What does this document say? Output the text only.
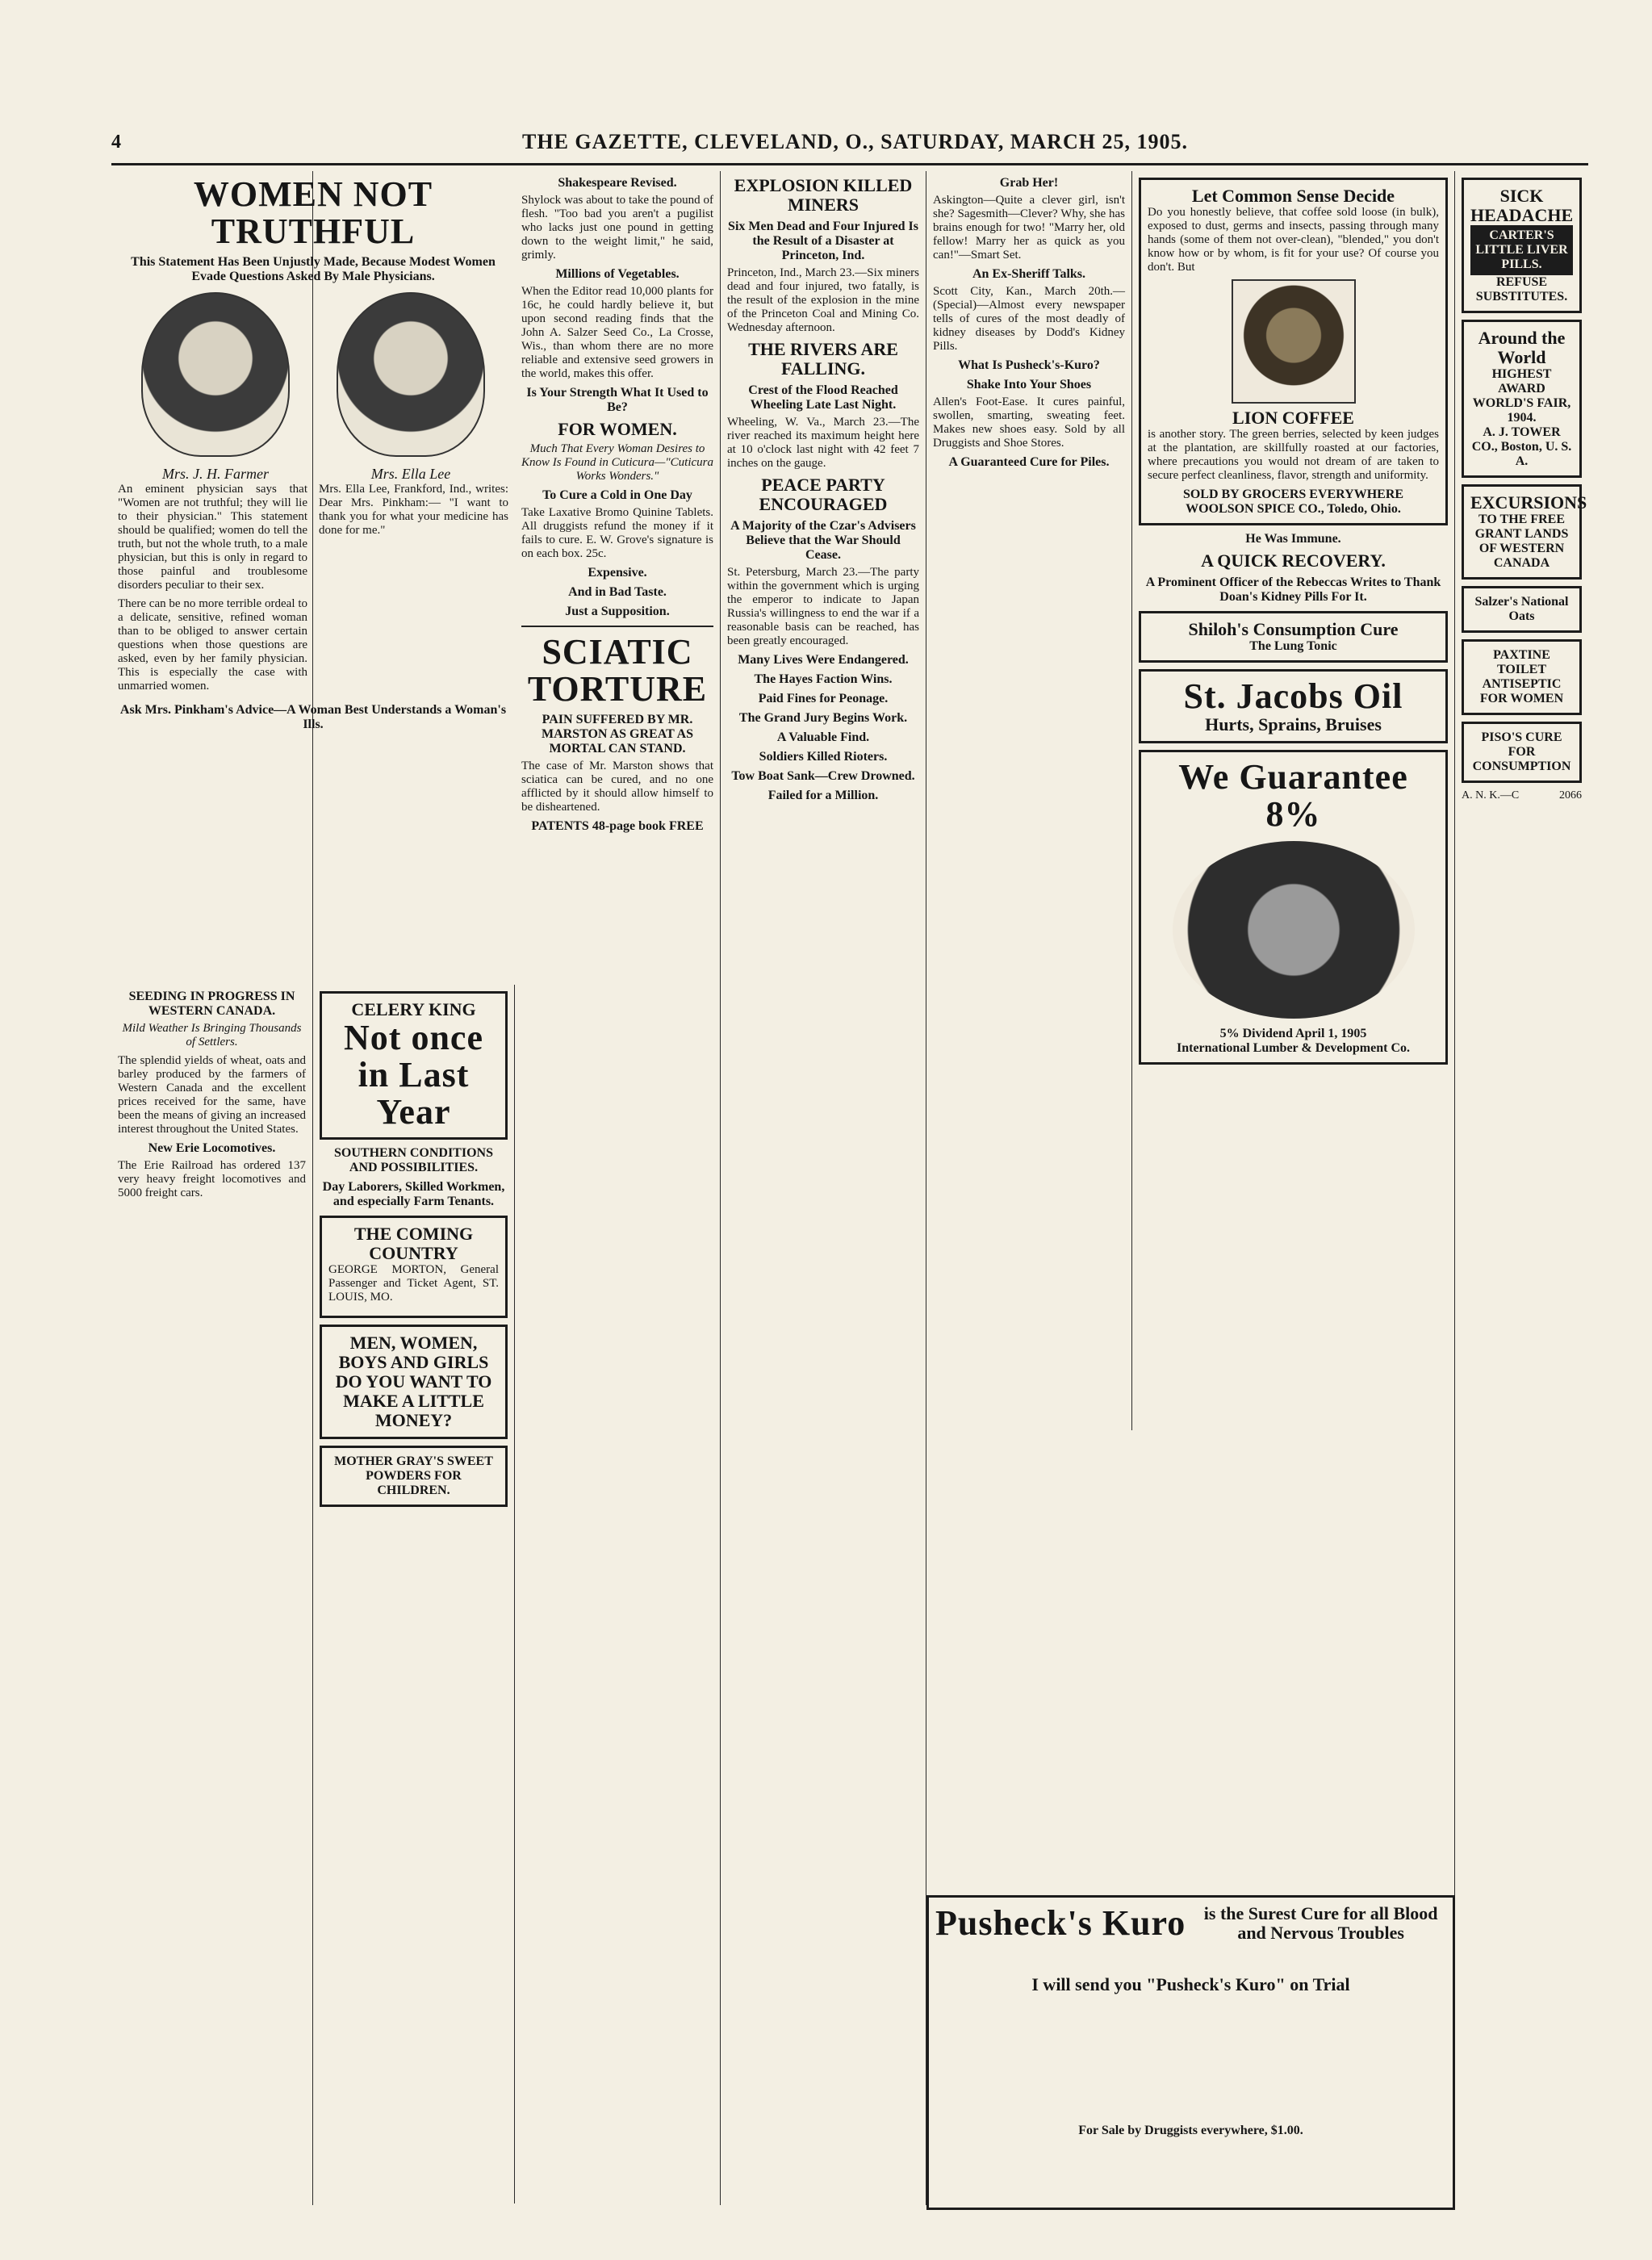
4	THE GAZETTE, CLEVELAND, O., SATURDAY, MARCH 25, 1905.
WOMEN NOT TRUTHFUL
This Statement Has Been Unjustly Made, Because Modest Women Evade Questions Asked By Male Physicians.
Mrs. J. H. Farmer	Mrs. Ella Lee

An eminent physician says that "Women are not truthful; they will lie to their physician." This statement should be qualified; women do tell the truth, but not the whole truth, to a male physician, but this is only in regard to those painful and troublesome disorders peculiar to their sex.

There can be no more terrible ordeal to a delicate, sensitive, refined woman than to be obliged to answer certain questions when those questions are asked, even by her family physician. This is especially the case with unmarried women.

Mrs. Ella Lee, Frankford, Ind., writes: Dear Mrs. Pinkham:— "I want to thank you for what your medicine has done for me."

Ask Mrs. Pinkham's Advice—A Woman Best Understands a Woman's Ills.
SEEDING IN PROGRESS IN WESTERN CANADA.
Mild Weather Is Bringing Thousands of Settlers.

The splendid yields of wheat, oats and barley produced by the farmers of Western Canada and the excellent prices received for the same, have been the means of giving an increased interest throughout the United States.

New Erie Locomotives.

The Erie Railroad has ordered 137 very heavy freight locomotives and 5000 freight cars.

CELERY KING
Not once in Last Year
SOUTHERN CONDITIONS AND POSSIBILITIES.
Day Laborers, Skilled Workmen, and especially Farm Tenants.
THE COMING COUNTRY

GEORGE MORTON, General Passenger and Ticket Agent, ST. LOUIS, MO.

MEN, WOMEN, BOYS AND GIRLS DO YOU WANT TO MAKE A LITTLE MONEY?
MOTHER GRAY'S SWEET POWDERS FOR CHILDREN.
Shakespeare Revised.

Shylock was about to take the pound of flesh. "Too bad you aren't a pugilist who lacks just one pound in getting down to the weight limit," he said, grimly.

Millions of Vegetables.

When the Editor read 10,000 plants for 16c, he could hardly believe it, but upon second reading finds that the John A. Salzer Seed Co., La Crosse, Wis., than whom there are no more reliable and extensive seed growers in the world, makes this offer.

Is Your Strength What It Used to Be?
FOR WOMEN.
Much That Every Woman Desires to Know Is Found in Cuticura—"Cuticura Works Wonders."
To Cure a Cold in One Day

Take Laxative Bromo Quinine Tablets. All druggists refund the money if it fails to cure. E. W. Grove's signature is on each box. 25c.

Expensive.
And in Bad Taste.
Just a Supposition.
SCIATIC TORTURE
PAIN SUFFERED BY MR. MARSTON AS GREAT AS MORTAL CAN STAND.

The case of Mr. Marston shows that sciatica can be cured, and no one afflicted by it should allow himself to be disheartened.

PATENTS 48-page book FREE
EXPLOSION KILLED MINERS
Six Men Dead and Four Injured Is the Result of a Disaster at Princeton, Ind.

Princeton, Ind., March 23.—Six miners dead and four injured, two fatally, is the result of the explosion in the mine of the Princeton Coal and Mining Co. Wednesday afternoon.

THE RIVERS ARE FALLING.
Crest of the Flood Reached Wheeling Late Last Night.

Wheeling, W. Va., March 23.—The river reached its maximum height here at 10 o'clock last night with 42 feet 7 inches on the gauge.

PEACE PARTY ENCOURAGED
A Majority of the Czar's Advisers Believe that the War Should Cease.

St. Petersburg, March 23.—The party within the government which is urging the emperor to indicate to Japan Russia's willingness to end the war if a reasonable basis can be reached, has been greatly encouraged.

Many Lives Were Endangered.
The Hayes Faction Wins.
Paid Fines for Peonage.
The Grand Jury Begins Work.
A Valuable Find.
Soldiers Killed Rioters.
Tow Boat Sank—Crew Drowned.
Failed for a Million.
Grab Her!

Askington—Quite a clever girl, isn't she? Sagesmith—Clever? Why, she has brains enough for two! "Marry her, old fellow! Marry her as quick as you can!"—Smart Set.

An Ex-Sheriff Talks.

Scott City, Kan., March 20th.—(Special)—Almost every newspaper tells of cures of the most deadly of kidney diseases by Dodd's Kidney Pills.

What Is Pusheck's-Kuro?
Shake Into Your Shoes

Allen's Foot-Ease. It cures painful, swollen, smarting, sweating feet. Makes new shoes easy. Sold by all Druggists and Shoe Stores.

A Guaranteed Cure for Piles.
Let Common Sense Decide

Do you honestly believe, that coffee sold loose (in bulk), exposed to dust, germs and insects, passing through many hands (some of them not over-clean), "blended," you don't know how or by whom, is fit for your use? Of course you don't. But

LION COFFEE

is another story. The green berries, selected by keen judges at the plantation, are skillfully roasted at our factories, where precautions you would not dream of are taken to secure perfect cleanliness, flavor, strength and uniformity.

SOLD BY GROCERS EVERYWHERE
WOOLSON SPICE CO., Toledo, Ohio.
He Was Immune.
A QUICK RECOVERY.
A Prominent Officer of the Rebeccas Writes to Thank Doan's Kidney Pills For It.
Shiloh's Consumption Cure
The Lung Tonic
St. Jacobs Oil
Hurts, Sprains, Bruises
We Guarantee 8%
5% Dividend April 1, 1905
International Lumber & Development Co.
Pusheck's Kuro	is the Surest Cure for all Blood and Nervous Troubles
I will send you "Pusheck's Kuro" on Trial
For Sale by Druggists everywhere, $1.00.
SICK HEADACHE
CARTER'S LITTLE LIVER PILLS.
REFUSE SUBSTITUTES.
Around the World
HIGHEST AWARD WORLD'S FAIR, 1904.
A. J. TOWER CO., Boston, U. S. A.
EXCURSIONS
TO THE FREE GRANT LANDS OF WESTERN CANADA
Salzer's National Oats
PAXTINE TOILET ANTISEPTIC
FOR WOMEN
PISO'S CURE FOR CONSUMPTION
A. N. K.—C	2066
